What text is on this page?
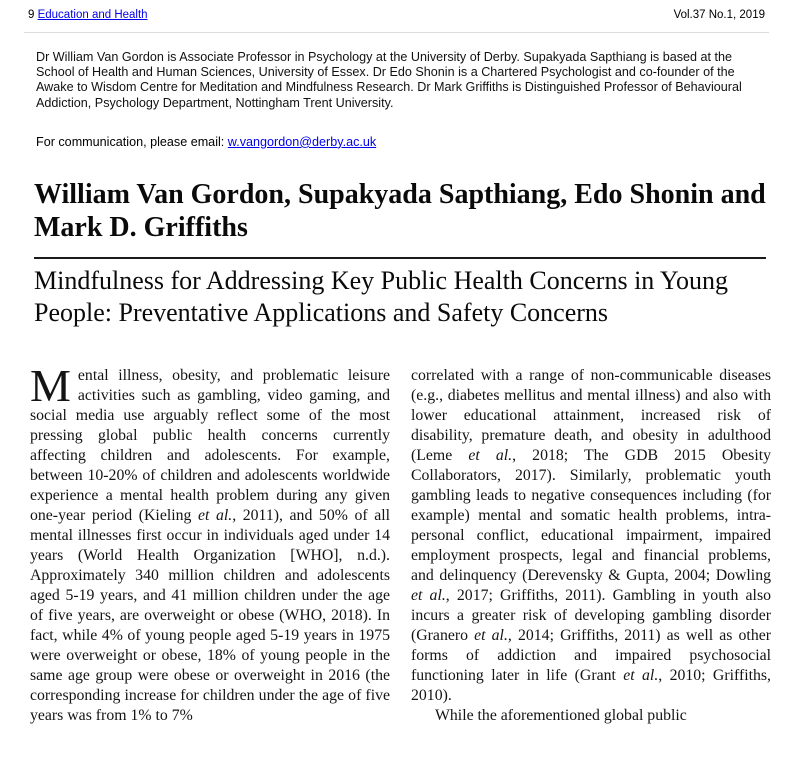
9 Education and Health	Vol.37 No.1, 2019
Dr William Van Gordon is Associate Professor in Psychology at the University of Derby. Supakyada Sapthiang is based at the School of Health and Human Sciences, University of Essex. Dr Edo Shonin is a Chartered Psychologist and co-founder of the Awake to Wisdom Centre for Meditation and Mindfulness Research. Dr Mark Griffiths is Distinguished Professor of Behavioural Addiction, Psychology Department, Nottingham Trent University.
For communication, please email: w.vangordon@derby.ac.uk
William Van Gordon, Supakyada Sapthiang, Edo Shonin and Mark D. Griffiths
Mindfulness for Addressing Key Public Health Concerns in Young People: Preventative Applications and Safety Concerns

Mental illness, obesity, and problematic leisure activities such as gambling, video gaming, and social media use arguably reflect some of the most pressing global public health concerns currently affecting children and adolescents. For example, between 10-20% of children and adolescents worldwide experience a mental health problem during any given one-year period (Kieling et al., 2011), and 50% of all mental illnesses first occur in individuals aged under 14 years (World Health Organization [WHO], n.d.). Approximately 340 million children and adolescents aged 5-19 years, and 41 million children under the age of five years, are overweight or obese (WHO, 2018). In fact, while 4% of young people aged 5-19 years in 1975 were overweight or obese, 18% of young people in the same age group were obese or overweight in 2016 (the corresponding increase for children under the age of five years was from 1% to 7%

correlated with a range of non-communicable diseases (e.g., diabetes mellitus and mental illness) and also with lower educational attainment, increased risk of disability, premature death, and obesity in adulthood (Leme et al., 2018; The GDB 2015 Obesity Collaborators, 2017). Similarly, problematic youth gambling leads to negative consequences including (for example) mental and somatic health problems, intra-personal conflict, educational impairment, impaired employment prospects, legal and financial problems, and delinquency (Derevensky & Gupta, 2004; Dowling et al., 2017; Griffiths, 2011). Gambling in youth also incurs a greater risk of developing gambling disorder (Granero et al., 2014; Griffiths, 2011) as well as other forms of addiction and impaired psychosocial functioning later in life (Grant et al., 2010; Griffiths, 2010).

While the aforementioned global public
